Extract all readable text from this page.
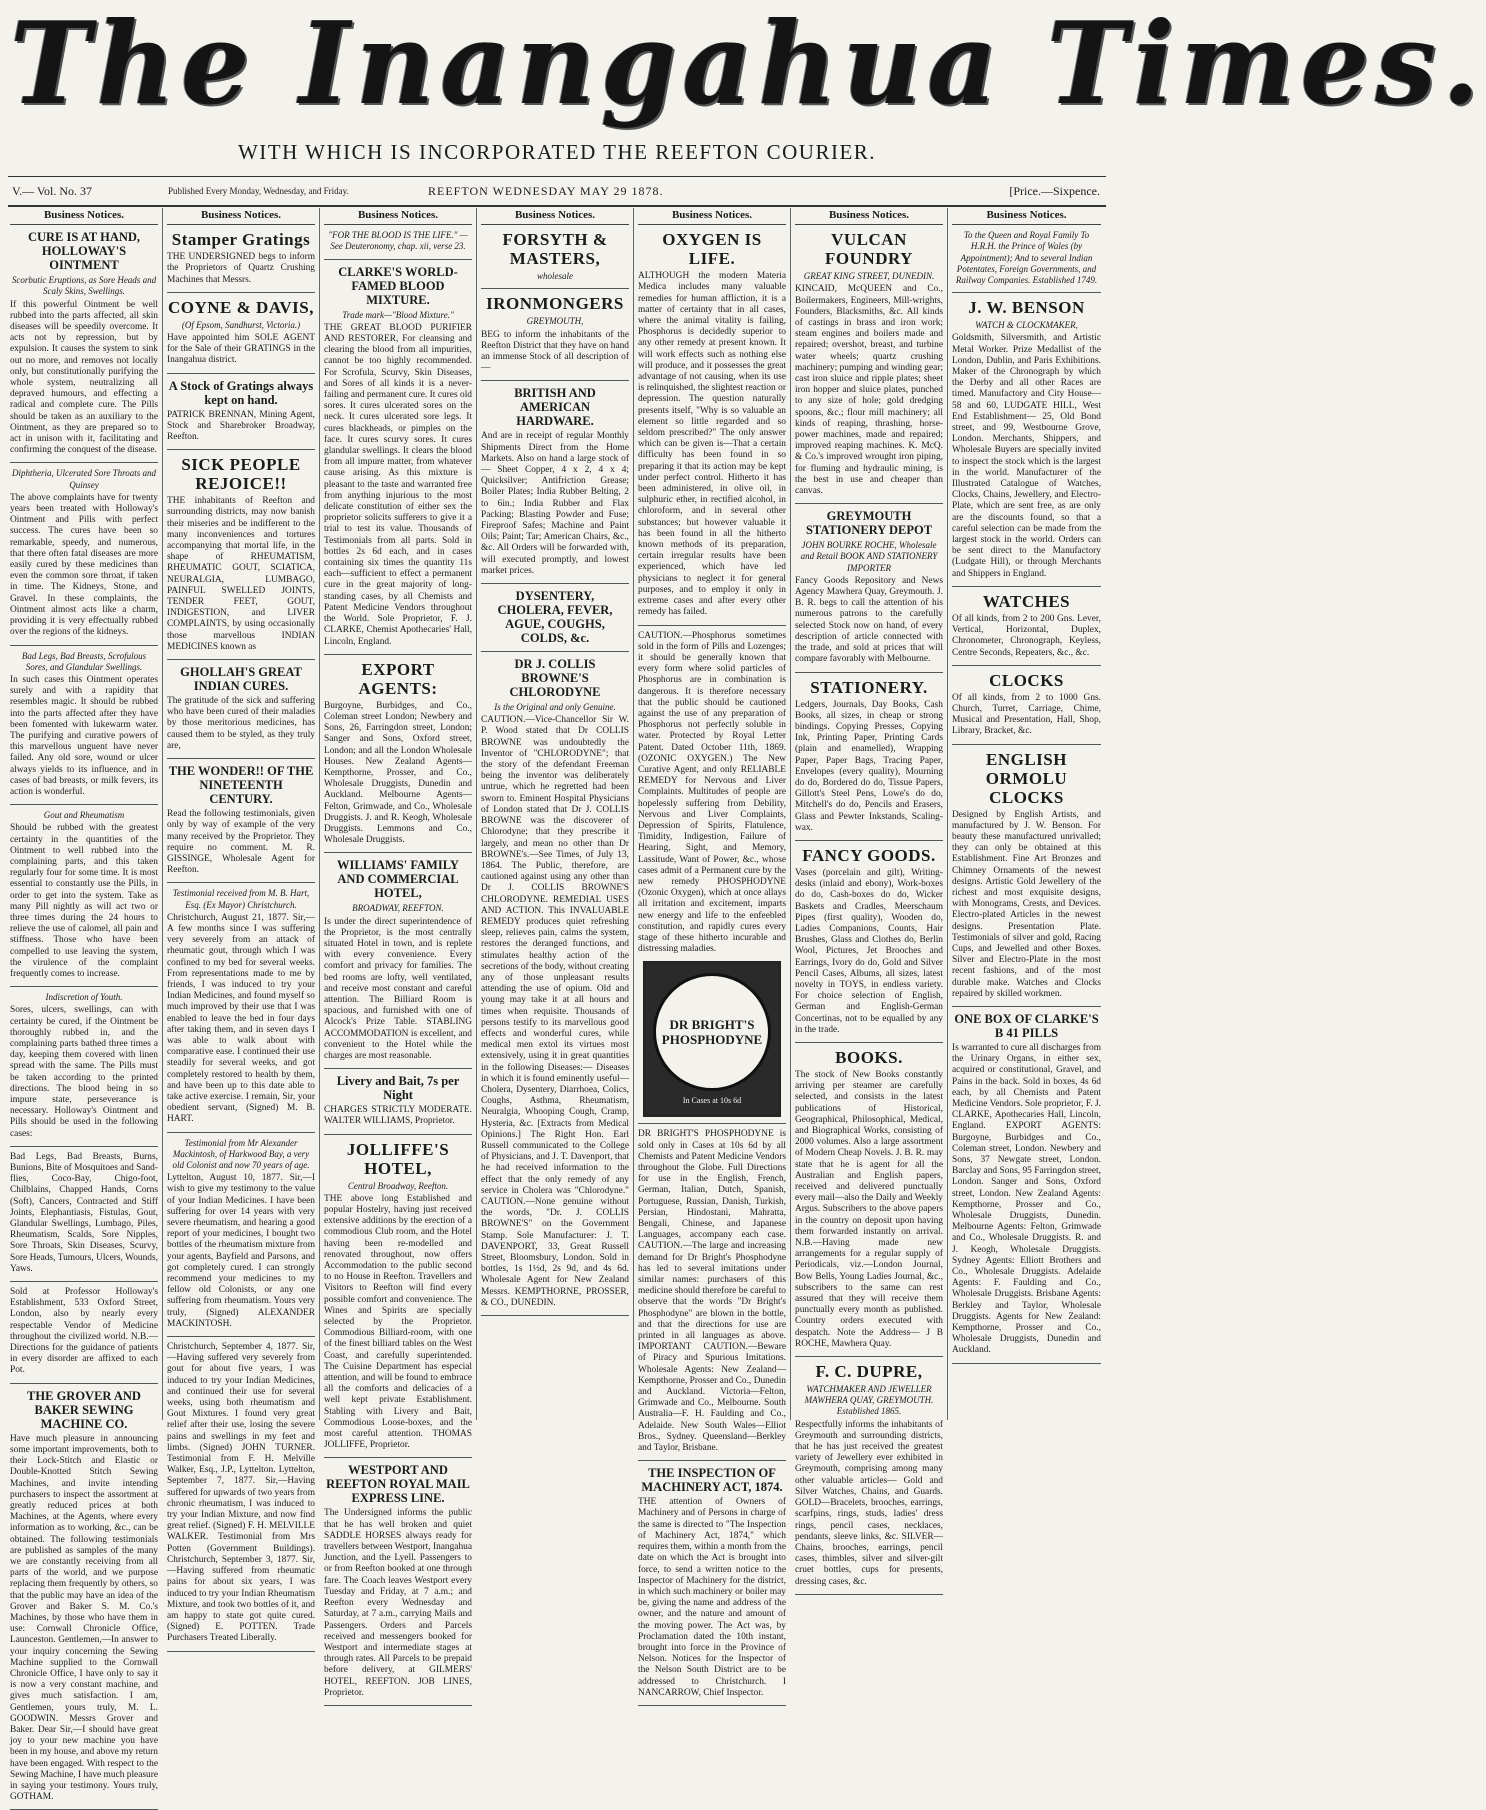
The Inangahua Times.
WITH WHICH IS INCORPORATED THE REEFTON COURIER.
V.— Vol. No. 37	Published Every Monday, Wednesday, and Friday.	REEFTON WEDNESDAY MAY 29 1878.	[Price.—Sixpence.
Business Notices.
CURE IS AT HAND, HOLLOWAY'S OINTMENT
Scorbutic Eruptions, as Sore Heads and Scaly Skins, Swellings.
If this powerful Ointment be well rubbed into the parts affected, all skin diseases will be speedily overcome. It acts not by repression, but by expulsion. It causes the system to sink out no more, and removes not locally only, but constitutionally purifying the whole system, neutralizing all depraved humours, and effecting a radical and complete cure. The Pills should be taken as an auxiliary to the Ointment, as they are prepared so to act in unison with it, facilitating and confirming the conquest of the disease.
Diphtheria, Ulcerated Sore Throats and Quinsey
The above complaints have for twenty years been treated with Holloway's Ointment and Pills with perfect success. The cures have been so remarkable, speedy, and numerous, that there often fatal diseases are more easily cured by these medicines than even the common sore throat, if taken in time. The Kidneys, Stone, and Gravel. In these complaints, the Ointment almost acts like a charm, providing it is very effectually rubbed over the regions of the kidneys.
Bad Legs, Bad Breasts, Scrofulous Sores, and Glandular Swellings.
In such cases this Ointment operates surely and with a rapidity that resembles magic. It should be rubbed into the parts affected after they have been fomented with lukewarm water. The purifying and curative powers of this marvellous unguent have never failed. Any old sore, wound or ulcer always yields to its influence, and in cases of bad breasts, or milk fevers, its action is wonderful.
Gout and Rheumatism
Should be rubbed with the greatest certainty in the quantities of the Ointment to well rubbed into the complaining parts, and this taken regularly four for some time. It is most essential to constantly use the Pills, in order to get into the system. Take as many Pill nightly as will act two or three times during the 24 hours to relieve the use of calomel, all pain and stiffness. Those who have been compelled to use leaving the system, the virulence of the complaint frequently comes to increase.
Indiscretion of Youth.
Sores, ulcers, swellings, can with certainty be cured, if the Ointment be thoroughly rubbed in, and the complaining parts bathed three times a day, keeping them covered with linen spread with the same. The Pills must be taken according to the printed directions. The blood being in so impure state, perseverance is necessary. Holloway's Ointment and Pills should be used in the following cases:
Bad Legs, Bad Breasts, Burns, Bunions, Bite of Mosquitoes and Sand-flies, Coco-Bay, Chigo-foot, Chilblains, Chapped Hands, Corns (Soft), Cancers, Contracted and Stiff Joints, Elephantiasis, Fistulas, Gout, Glandular Swellings, Lumbago, Piles, Rheumatism, Scalds, Sore Nipples, Sore Throats, Skin Diseases, Scurvy, Sore Heads, Tumours, Ulcers, Wounds, Yaws.
Sold at Professor Holloway's Establishment, 533 Oxford Street, London, also by nearly every respectable Vendor of Medicine throughout the civilized world. N.B.—Directions for the guidance of patients in every disorder are affixed to each Pot.
THE GROVER AND BAKER SEWING MACHINE CO.
Have much pleasure in announcing some important improvements, both to their Lock-Stitch and Elastic or Double-Knotted Stitch Sewing Machines, and invite intending purchasers to inspect the assortment at greatly reduced prices at both Machines, at the Agents, where every information as to working, &c., can be obtained. The following testimonials are published as samples of the many we are constantly receiving from all parts of the world, and we purpose replacing them frequently by others, so that the public may have an idea of the Grover and Baker S. M. Co.'s Machines, by those who have them in use: Cornwall Chronicle Office, Launceston. Gentlemen,—In answer to your inquiry concerning the Sewing Machine supplied to the Cornwall Chronicle Office, I have only to say it is now a very constant machine, and gives much satisfaction. I am, Gentlemen, yours truly, M. L. GOODWIN. Messrs Grover and Baker. Dear Sir,—I should have great joy to your new machine you have been in my house, and above my return have been engaged. With respect to the Sewing Machine, I have much pleasure in saying your testimony. Yours truly, GOTHAM.
Business Notices.
Stamper Gratings
THE UNDERSIGNED begs to inform the Proprietors of Quartz Crushing Machines that Messrs.
COYNE & DAVIS,
(Of Epsom, Sandhurst, Victoria.)
Have appointed him SOLE AGENT for the Sale of their GRATINGS in the Inangahua district.
A Stock of Gratings always kept on hand.
PATRICK BRENNAN, Mining Agent, Stock and Sharebroker Broadway, Reefton.
SICK PEOPLE REJOICE!!
THE inhabitants of Reefton and surrounding districts, may now banish their miseries and be indifferent to the many inconveniences and tortures accompanying that mortal life, in the shape of RHEUMATISM, RHEUMATIC GOUT, SCIATICA, NEURALGIA, LUMBAGO, PAINFUL SWELLED JOINTS, TENDER FEET, GOUT, INDIGESTION, and LIVER COMPLAINTS, by using occasionally those marvellous INDIAN MEDICINES known as
GHOLLAH'S GREAT INDIAN CURES.
The gratitude of the sick and suffering who have been cured of their maladies by those meritorious medicines, has caused them to be styled, as they truly are,
THE WONDER!! OF THE NINETEENTH CENTURY.
Read the following testimonials, given only by way of example of the very many received by the Proprietor. They require no comment. M. R. GISSINGE, Wholesale Agent for Reefton.
Testimonial received from M. B. Hart, Esq. (Ex Mayor) Christchurch.
Christchurch, August 21, 1877. Sir,—A few months since I was suffering very severely from an attack of rheumatic gout, through which I was confined to my bed for several weeks. From representations made to me by friends, I was induced to try your Indian Medicines, and found myself so much improved by their use that I was enabled to leave the bed in four days after taking them, and in seven days I was able to walk about with comparative ease. I continued their use steadily for several weeks, and got completely restored to health by them, and have been up to this date able to take active exercise. I remain, Sir, your obedient servant, (Signed) M. B. HART.
Testimonial from Mr Alexander Mackintosh, of Harkwood Bay, a very old Colonist and now 70 years of age.
Lyttelton, August 10, 1877. Sir,—I wish to give my testimony to the value of your Indian Medicines. I have been suffering for over 14 years with very severe rheumatism, and hearing a good report of your medicines, I bought two bottles of the rheumatism mixture from your agents, Bayfield and Parsons, and got completely cured. I can strongly recommend your medicines to my fellow old Colonists, or any one suffering from rheumatism. Yours very truly, (Signed) ALEXANDER MACKINTOSH.
Christchurch, September 4, 1877. Sir,—Having suffered very severely from gout for about five years, I was induced to try your Indian Medicines, and continued their use for several weeks, using both rheumatism and Gout Mixtures. I found very great relief after their use, losing the severe pains and swellings in my feet and limbs. (Signed) JOHN TURNER. Testimonial from F. H. Melville Walker, Esq., J.P., Lyttelton. Lyttelton, September 7, 1877. Sir,—Having suffered for upwards of two years from chronic rheumatism, I was induced to try your Indian Mixture, and now find great relief. (Signed) F. H. MELVILLE WALKER. Testimonial from Mrs Potten (Government Buildings). Christchurch, September 3, 1877. Sir,—Having suffered from rheumatic pains for about six years, I was induced to try your Indian Rheumatism Mixture, and took two bottles of it, and am happy to state got quite cured. (Signed) E. POTTEN. Trade Purchasers Treated Liberally.
Business Notices.
"FOR THE BLOOD IS THE LIFE." —See Deuteronomy, chap. xii, verse 23.
CLARKE'S WORLD-FAMED BLOOD MIXTURE.
Trade mark—"Blood Mixture."
THE GREAT BLOOD PURIFIER AND RESTORER, For cleansing and clearing the blood from all impurities, cannot be too highly recommended. For Scrofula, Scurvy, Skin Diseases, and Sores of all kinds it is a never-failing and permanent cure. It cures old sores. It cures ulcerated sores on the neck. It cures ulcerated sore legs. It cures blackheads, or pimples on the face. It cures scurvy sores. It cures glandular swellings. It clears the blood from all impure matter, from whatever cause arising. As this mixture is pleasant to the taste and warranted free from anything injurious to the most delicate constitution of either sex the proprietor solicits sufferers to give it a trial to test its value. Thousands of Testimonials from all parts. Sold in bottles 2s 6d each, and in cases containing six times the quantity 11s each—sufficient to effect a permanent cure in the great majority of long-standing cases, by all Chemists and Patent Medicine Vendors throughout the World. Sole Proprietor, F. J. CLARKE, Chemist Apothecaries' Hall, Lincoln, England.
EXPORT AGENTS:
Burgoyne, Burbidges, and Co., Coleman street London; Newbery and Sons, 26, Farringdon street, London; Sanger and Sons, Oxford street, London; and all the London Wholesale Houses. New Zealand Agents— Kempthorne, Prosser, and Co., Wholesale Druggists, Dunedin and Auckland. Melbourne Agents— Felton, Grimwade, and Co., Wholesale Druggists. J. and R. Keogh, Wholesale Druggists. Lemmons and Co., Wholesale Druggists.
WILLIAMS' FAMILY AND COMMERCIAL HOTEL,
BROADWAY, REEFTON.
Is under the direct superintendence of the Proprietor, is the most centrally situated Hotel in town, and is replete with every convenience. Every comfort and privacy for families. The bed rooms are lofty, well ventilated, and receive most constant and careful attention. The Billiard Room is spacious, and furnished with one of Alcock's Prize Table. STABLING ACCOMMODATION is excellent, and convenient to the Hotel while the charges are most reasonable.
Livery and Bait, 7s per Night
CHARGES STRICTLY MODERATE. WALTER WILLIAMS, Proprietor.
JOLLIFFE'S HOTEL,
Central Broadway, Reefton.
THE above long Established and popular Hostelry, having just received extensive additions by the erection of a commodious Club room, and the Hotel having been re-modelled and renovated throughout, now offers Accommodation to the public second to no House in Reefton. Travellers and Visitors to Reefton will find every possible comfort and convenience. The Wines and Spirits are specially selected by the Proprietor. Commodious Billiard-room, with one of the finest billiard tables on the West Coast, and carefully superintended. The Cuisine Department has especial attention, and will be found to embrace all the comforts and delicacies of a well kept private Establishment. Stabling with Livery and Bait, Commodious Loose-boxes, and the most careful attention. THOMAS JOLLIFFE, Proprietor.
WESTPORT AND REEFTON ROYAL MAIL EXPRESS LINE.
The Undersigned informs the public that he has well broken and quiet SADDLE HORSES always ready for travellers between Westport, Inangahua Junction, and the Lyell. Passengers to or from Reefton booked at one through fare. The Coach leaves Westport every Tuesday and Friday, at 7 a.m.; and Reefton every Wednesday and Saturday, at 7 a.m., carrying Mails and Passengers. Orders and Parcels received and messengers booked for Westport and intermediate stages at through rates. All Parcels to be prepaid before delivery, at GILMERS' HOTEL, REEFTON. JOB LINES, Proprietor.
Business Notices.
FORSYTH & MASTERS,
wholesale
IRONMONGERS
GREYMOUTH,
BEG to inform the inhabitants of the Reefton District that they have on hand an immense Stock of all description of—
BRITISH AND AMERICAN HARDWARE.
And are in receipt of regular Monthly Shipments Direct from the Home Markets. Also on hand a large stock of— Sheet Copper, 4 x 2, 4 x 4; Quicksilver; Antifriction Grease; Boiler Plates; India Rubber Belting, 2 to 6in.; India Rubber and Flax Packing; Blasting Powder and Fuse; Fireproof Safes; Machine and Paint Oils; Paint; Tar; American Chairs, &c., &c. All Orders will be forwarded with, will executed promptly, and lowest market prices.
DYSENTERY, CHOLERA, FEVER, AGUE, COUGHS, COLDS, &c.
DR J. COLLIS BROWNE'S CHLORODYNE
Is the Original and only Genuine.
CAUTION.—Vice-Chancellor Sir W. P. Wood stated that Dr COLLIS BROWNE was undoubtedly the Inventor of "CHLORODYNE"; that the story of the defendant Freeman being the inventor was deliberately untrue, which he regretted had been sworn to. Eminent Hospital Physicians of London stated that Dr J. COLLIS BROWNE was the discoverer of Chlorodyne; that they prescribe it largely, and mean no other than Dr BROWNE's.—See Times, of July 13, 1864. The Public, therefore, are cautioned against using any other than Dr J. COLLIS BROWNE'S CHLORODYNE. REMEDIAL USES AND ACTION. This INVALUABLE REMEDY produces quiet refreshing sleep, relieves pain, calms the system, restores the deranged functions, and stimulates healthy action of the secretions of the body, without creating any of those unpleasant results attending the use of opium. Old and young may take it at all hours and times when requisite. Thousands of persons testify to its marvellous good effects and wonderful cures, while medical men extol its virtues most extensively, using it in great quantities in the following Diseases:— Diseases in which it is found eminently useful—Cholera, Dysentery, Diarrhoea, Colics, Coughs, Asthma, Rheumatism, Neuralgia, Whooping Cough, Cramp, Hysteria, &c. [Extracts from Medical Opinions.] The Right Hon. Earl Russell communicated to the College of Physicians, and J. T. Davenport, that he had received information to the effect that the only remedy of any service in Cholera was "Chlorodyne." CAUTION.—None genuine without the words, "Dr. J. COLLIS BROWNE'S" on the Government Stamp. Sole Manufacturer: J. T. DAVENPORT, 33, Great Russell Street, Bloomsbury, London. Sold in bottles, 1s 1½d, 2s 9d, and 4s 6d. Wholesale Agent for New Zealand Messrs. KEMPTHORNE, PROSSER, & CO., DUNEDIN.
Business Notices.
OXYGEN IS LIFE.
ALTHOUGH the modern Materia Medica includes many valuable remedies for human affliction, it is a matter of certainty that in all cases, where the animal vitality is failing, Phosphorus is decidedly superior to any other remedy at present known. It will work effects such as nothing else will produce, and it possesses the great advantage of not causing, when its use is relinquished, the slightest reaction or depression. The question naturally presents itself, "Why is so valuable an element so little regarded and so seldom prescribed?" The only answer which can be given is—That a certain difficulty has been found in so preparing it that its action may be kept under perfect control. Hitherto it has been administered, in olive oil, in sulphuric ether, in rectified alcohol, in chloroform, and in several other substances; but however valuable it has been found in all the hitherto known methods of its preparation, certain irregular results have been experienced, which have led physicians to neglect it for general purposes, and to employ it only in extreme cases and after every other remedy has failed.
CAUTION.—Phosphorus sometimes sold in the form of Pills and Lozenges; it should be generally known that every form where solid particles of Phosphorus are in combination is dangerous. It is therefore necessary that the public should be cautioned against the use of any preparation of Phosphorus not perfectly soluble in water. Protected by Royal Letter Patent. Dated October 11th, 1869. (OZONIC OXYGEN.) The New Curative Agent, and only RELIABLE REMEDY for Nervous and Liver Complaints. Multitudes of people are hopelessly suffering from Debility, Nervous and Liver Complaints, Depression of Spirits, Flatulence, Timidity, Indigestion, Failure of Hearing, Sight, and Memory, Lassitude, Want of Power, &c., whose cases admit of a Permanent cure by the new remedy PHOSPHODYNE (Ozonic Oxygen), which at once allays all irritation and excitement, imparts new energy and life to the enfeebled constitution, and rapidly cures every stage of these hitherto incurable and distressing maladies.
DR BRIGHT'S PHOSPHODYNE
In Cases at 10s 6d
DR BRIGHT'S PHOSPHODYNE is sold only in Cases at 10s 6d by all Chemists and Patent Medicine Vendors throughout the Globe. Full Directions for use in the English, French, German, Italian, Dutch, Spanish, Portuguese, Russian, Danish, Turkish, Persian, Hindostani, Mahratta, Bengali, Chinese, and Japanese Languages, accompany each case. CAUTION.—The large and increasing demand for Dr Bright's Phosphodyne has led to several imitations under similar names: purchasers of this medicine should therefore be careful to observe that the words "Dr Bright's Phosphodyne" are blown in the bottle, and that the directions for use are printed in all languages as above. IMPORTANT CAUTION.—Beware of Piracy and Spurious Imitations. Wholesale Agents: New Zealand—Kempthorne, Prosser and Co., Dunedin and Auckland. Victoria—Felton, Grimwade and Co., Melbourne. South Australia—F. H. Faulding and Co., Adelaide. New South Wales—Elliot Bros., Sydney. Queensland—Berkley and Taylor, Brisbane.
THE INSPECTION OF MACHINERY ACT, 1874.
THE attention of Owners of Machinery and of Persons in charge of the same is directed to "The Inspection of Machinery Act, 1874," which requires them, within a month from the date on which the Act is brought into force, to send a written notice to the Inspector of Machinery for the district, in which such machinery or boiler may be, giving the name and address of the owner, and the nature and amount of the moving power. The Act was, by Proclamation dated the 10th instant, brought into force in the Province of Nelson. Notices for the Inspector of the Nelson South District are to be addressed to Christchurch. I NANCARROW, Chief Inspector.
Business Notices.
VULCAN FOUNDRY
GREAT KING STREET, DUNEDIN.
KINCAID, McQUEEN and Co., Boilermakers, Engineers, Mill-wrights, Founders, Blacksmiths, &c. All kinds of castings in brass and iron work; steam engines and boilers made and repaired; overshot, breast, and turbine water wheels; quartz crushing machinery; pumping and winding gear; cast iron sluice and ripple plates; sheet iron hopper and sluice plates, punched to any size of hole; gold dredging spoons, &c.; flour mill machinery; all kinds of reaping, thrashing, horse-power machines, made and repaired; improved reaping machines. K. McQ. & Co.'s improved wrought iron piping, for fluming and hydraulic mining, is the best in use and cheaper than canvas.
GREYMOUTH STATIONERY DEPOT
JOHN BOURKE ROCHE, Wholesale and Retail BOOK AND STATIONERY IMPORTER
Fancy Goods Repository and News Agency Mawhera Quay, Greymouth. J. B. R. begs to call the attention of his numerous patrons to the carefully selected Stock now on hand, of every description of article connected with the trade, and sold at prices that will compare favorably with Melbourne.
STATIONERY.
Ledgers, Journals, Day Books, Cash Books, all sizes, in cheap or strong bindings. Copying Presses, Copying Ink, Printing Paper, Printing Cards (plain and enamelled), Wrapping Paper, Paper Bags, Tracing Paper, Envelopes (every quality), Mourning do do, Bordered do do, Tissue Papers, Gillott's Steel Pens, Lowe's do do, Mitchell's do do, Pencils and Erasers, Glass and Pewter Inkstands, Scaling-wax.
FANCY GOODS.
Vases (porcelain and gilt), Writing-desks (inlaid and ebony), Work-boxes do do, Cash-boxes do do, Wicker Baskets and Cradles, Meerschaum Pipes (first quality), Wooden do, Ladies Companions, Counts, Hair Brushes, Glass and Clothes do, Berlin Wool, Pictures, Jet Brooches and Earrings, Ivory do do, Gold and Silver Pencil Cases, Albums, all sizes, latest novelty in TOYS, in endless variety. For choice selection of English, German and English-German Concertinas, not to be equalled by any in the trade.
BOOKS.
The stock of New Books constantly arriving per steamer are carefully selected, and consists in the latest publications of Historical, Geographical, Philosophical, Medical, and Biographical Works, consisting of 2000 volumes. Also a large assortment of Modern Cheap Novels. J. B. R. may state that he is agent for all the Australian and English papers, received and delivered punctually every mail—also the Daily and Weekly Argus. Subscribers to the above papers in the country on deposit upon having them forwarded instantly on arrival. N.B.—Having made new arrangements for a regular supply of Periodicals, viz.—London Journal, Bow Bells, Young Ladies Journal, &c., subscribers to the same can rest assured that they will receive them punctually every month as published. Country orders executed with despatch. Note the Address— J B ROCHE, Mawhera Quay.
F. C. DUPRE,
WATCHMAKER AND JEWELLER MAWHERA QUAY, GREYMOUTH. Established 1865.
Respectfully informs the inhabitants of Greymouth and surrounding districts, that he has just received the greatest variety of Jewellery ever exhibited in Greymouth, comprising among many other valuable articles— Gold and Silver Watches, Chains, and Guards. GOLD—Bracelets, brooches, earrings, scarfpins, rings, studs, ladies' dress rings, pencil cases, necklaces, pendants, sleeve links, &c. SILVER—Chains, brooches, earrings, pencil cases, thimbles, silver and silver-gilt cruet bottles, cups for presents, dressing cases, &c.
Business Notices.
To the Queen and Royal Family To H.R.H. the Prince of Wales (by Appointment); And to several Indian Potentates, Foreign Governments, and Railway Companies. Established 1749.
J. W. BENSON
WATCH & CLOCKMAKER,
Goldsmith, Silversmith, and Artistic Metal Worker. Prize Medallist of the London, Dublin, and Paris Exhibitions. Maker of the Chronograph by which the Derby and all other Races are timed. Manufactory and City House— 58 and 60, LUDGATE HILL, West End Establishment— 25, Old Bond street, and 99, Westbourne Grove, London. Merchants, Shippers, and Wholesale Buyers are specially invited to inspect the stock which is the largest in the world. Manufacturer of the Illustrated Catalogue of Watches, Clocks, Chains, Jewellery, and Electro-Plate, which are sent free, as are only are the discounts found, so that a careful selection can be made from the largest stock in the world. Orders can be sent direct to the Manufactory (Ludgate Hill), or through Merchants and Shippers in England.
WATCHES
Of all kinds, from 2 to 200 Gns. Lever, Vertical, Horizontal, Duplex, Chronometer, Chronograph, Keyless, Centre Seconds, Repeaters, &c., &c.
CLOCKS
Of all kinds, from 2 to 1000 Gns. Church, Turret, Carriage, Chime, Musical and Presentation, Hall, Shop, Library, Bracket, &c.
ENGLISH ORMOLU CLOCKS
Designed by English Artists, and manufactured by J. W. Benson. For beauty these manufactured unrivalled; they can only be obtained at this Establishment. Fine Art Bronzes and Chimney Ornaments of the newest designs. Artistic Gold Jewellery of the richest and most exquisite designs, with Monograms, Crests, and Devices. Electro-plated Articles in the newest designs. Presentation Plate. Testimonials of silver and gold, Racing Cups, and Jewelled and other Boxes. Silver and Electro-Plate in the most recent fashions, and of the most durable make. Watches and Clocks repaired by skilled workmen.
ONE BOX OF CLARKE'S B 41 PILLS
Is warranted to cure all discharges from the Urinary Organs, in either sex, acquired or constitutional, Gravel, and Pains in the back. Sold in boxes, 4s 6d each, by all Chemists and Patent Medicine Vendors. Sole proprietor, F. J. CLARKE, Apothecaries Hall, Lincoln, England. EXPORT AGENTS: Burgoyne, Burbidges and Co., Coleman street, London. Newbery and Sons, 37 Newgate street, London. Barclay and Sons, 95 Farringdon street, London. Sanger and Sons, Oxford street, London. New Zealand Agents: Kempthorne, Prosser and Co., Wholesale Druggists, Dunedin. Melbourne Agents: Felton, Grimwade and Co., Wholesale Druggists. R. and J. Keogh, Wholesale Druggists. Sydney Agents: Elliott Brothers and Co., Wholesale Druggists. Adelaide Agents: F. Faulding and Co., Wholesale Druggists. Brisbane Agents: Berkley and Taylor, Wholesale Druggists. Agents for New Zealand: Kempthorne, Prosser and Co., Wholesale Druggists, Dunedin and Auckland.
